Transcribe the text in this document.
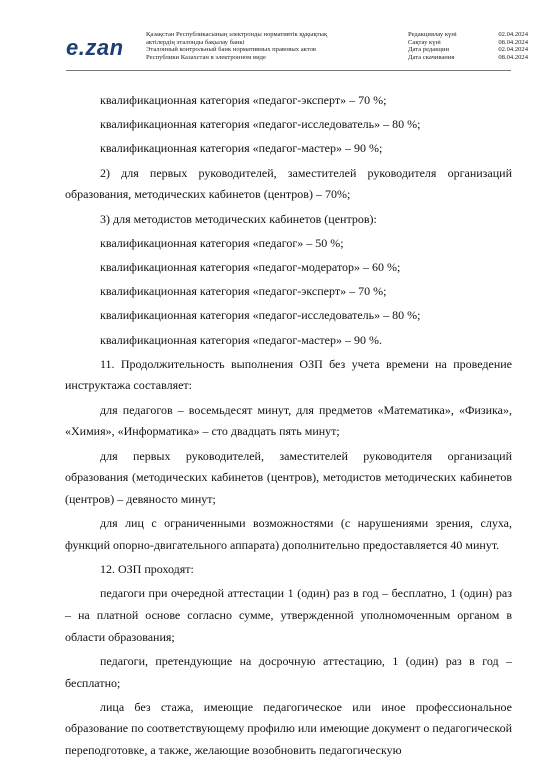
e.zan
Қазақстан Республикасының электронды нормативтік құқықтық
актілердің эталонды бақылау банкі
Эталонный контрольный банк нормативных правовых актов
Республики Казахстан в электронном виде
Редакциялау күні	02.04.2024
Сақтау күні	08.04.2024
Дата редакции	02.04.2024
Дата скачивания	08.04.2024

квалификационная категория «педагог-эксперт» – 70 %;

квалификационная категория «педагог-исследователь» – 80 %;

квалификационная категория «педагог-мастер» – 90 %;

2) для первых руководителей, заместителей руководителя организаций образования, методических кабинетов (центров) – 70%;

3) для методистов методических кабинетов (центров):

квалификационная категория «педагог» – 50 %;

квалификационная категория «педагог-модератор» – 60 %;

квалификационная категория «педагог-эксперт» – 70 %;

квалификационная категория «педагог-исследователь» – 80 %;

квалификационная категория «педагог-мастер» – 90 %.

11. Продолжительность выполнения ОЗП без учета времени на проведение инструктажа составляет:

для педагогов – восемьдесят минут, для предметов «Математика», «Физика», «Химия», «Информатика» – сто двадцать пять минут;

для первых руководителей, заместителей руководителя организаций образования (методических кабинетов (центров), методистов методических кабинетов (центров) – девяносто минут;

для лиц с ограниченными возможностями (с нарушениями зрения, слуха, функций опорно-двигательного аппарата) дополнительно предоставляется 40 минут.

12. ОЗП проходят:

педагоги при очередной аттестации 1 (один) раз в год – бесплатно, 1 (один) раз – на платной основе согласно сумме, утвержденной уполномоченным органом в области образования;

педагоги, претендующие на досрочную аттестацию, 1 (один) раз в год – бесплатно;

лица без стажа, имеющие педагогическое или иное профессиональное образование по соответствующему профилю или имеющие документ о педагогической переподготовке, а также, желающие возобновить педагогическую
